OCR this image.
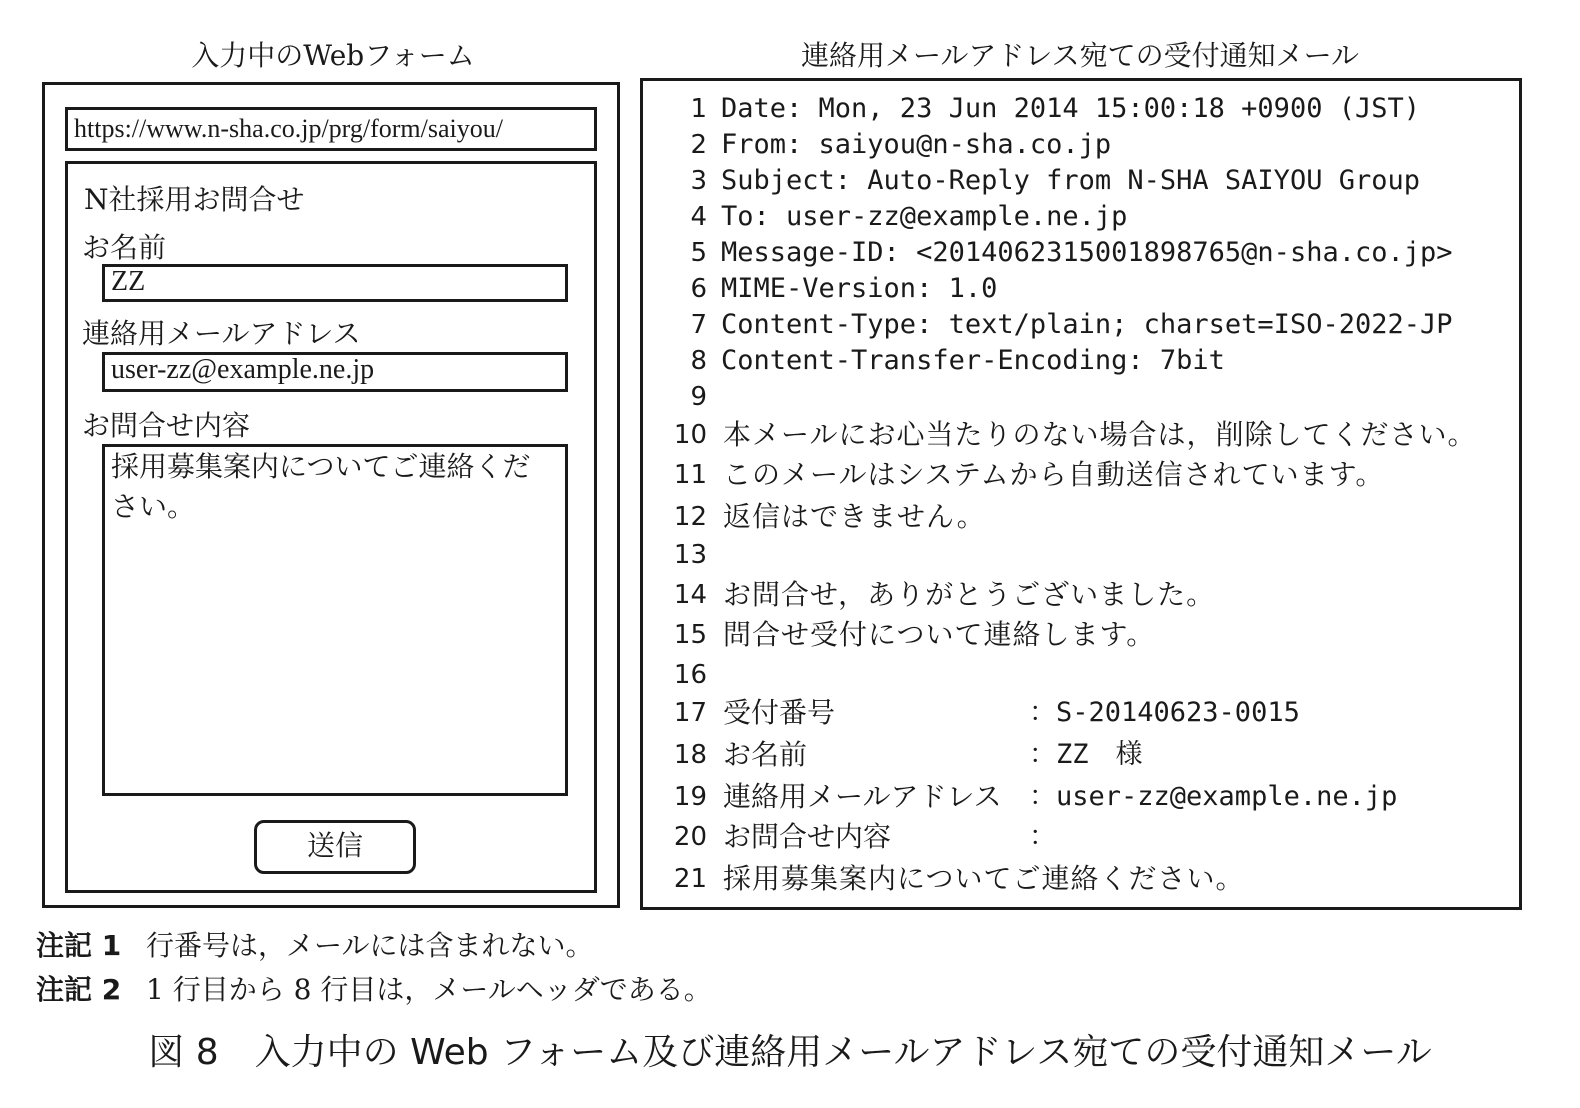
入力中のWebフォーム	連絡用メールアドレス宛ての受付通知メール
https://www.n-sha.co.jp/prg/form/saiyou/
N社採用お問合せ
お名前
ZZ
連絡用メールアドレス
user-zz@example.ne.jp
お問合せ内容
採用募集案内についてご連絡ください。
送信
1 Date: Mon, 23 Jun 2014 15:00:18 +0900 (JST)
2 From: saiyou@n-sha.co.jp
3 Subject: Auto-Reply from N-SHA SAIYOU Group
4 To: user-zz@example.ne.jp
5 Message-ID: <2014062315001898765@n-sha.co.jp>
6 MIME-Version: 1.0
7 Content-Type: text/plain; charset=ISO-2022-JP
8 Content-Transfer-Encoding: 7bit
9
10 本メールにお心当たりのない場合は，削除してください。
11 このメールはシステムから自動送信されています。
12 返信はできません。
13
14 お問合せ，ありがとうございました。
15 問合せ受付について連絡します。
16
17 受付番号	：S-20140623-0015
18 お名前	：ZZ　様
19 連絡用メールアドレス ：user-zz@example.ne.jp
20 お問合せ内容	：
21 採用募集案内についてご連絡ください。
注記 1 行番号は，メールには含まれない。
注記 2 1 行目から 8 行目は，メールヘッダである。
図 8　入力中の Web フォーム及び連絡用メールアドレス宛ての受付通知メール
